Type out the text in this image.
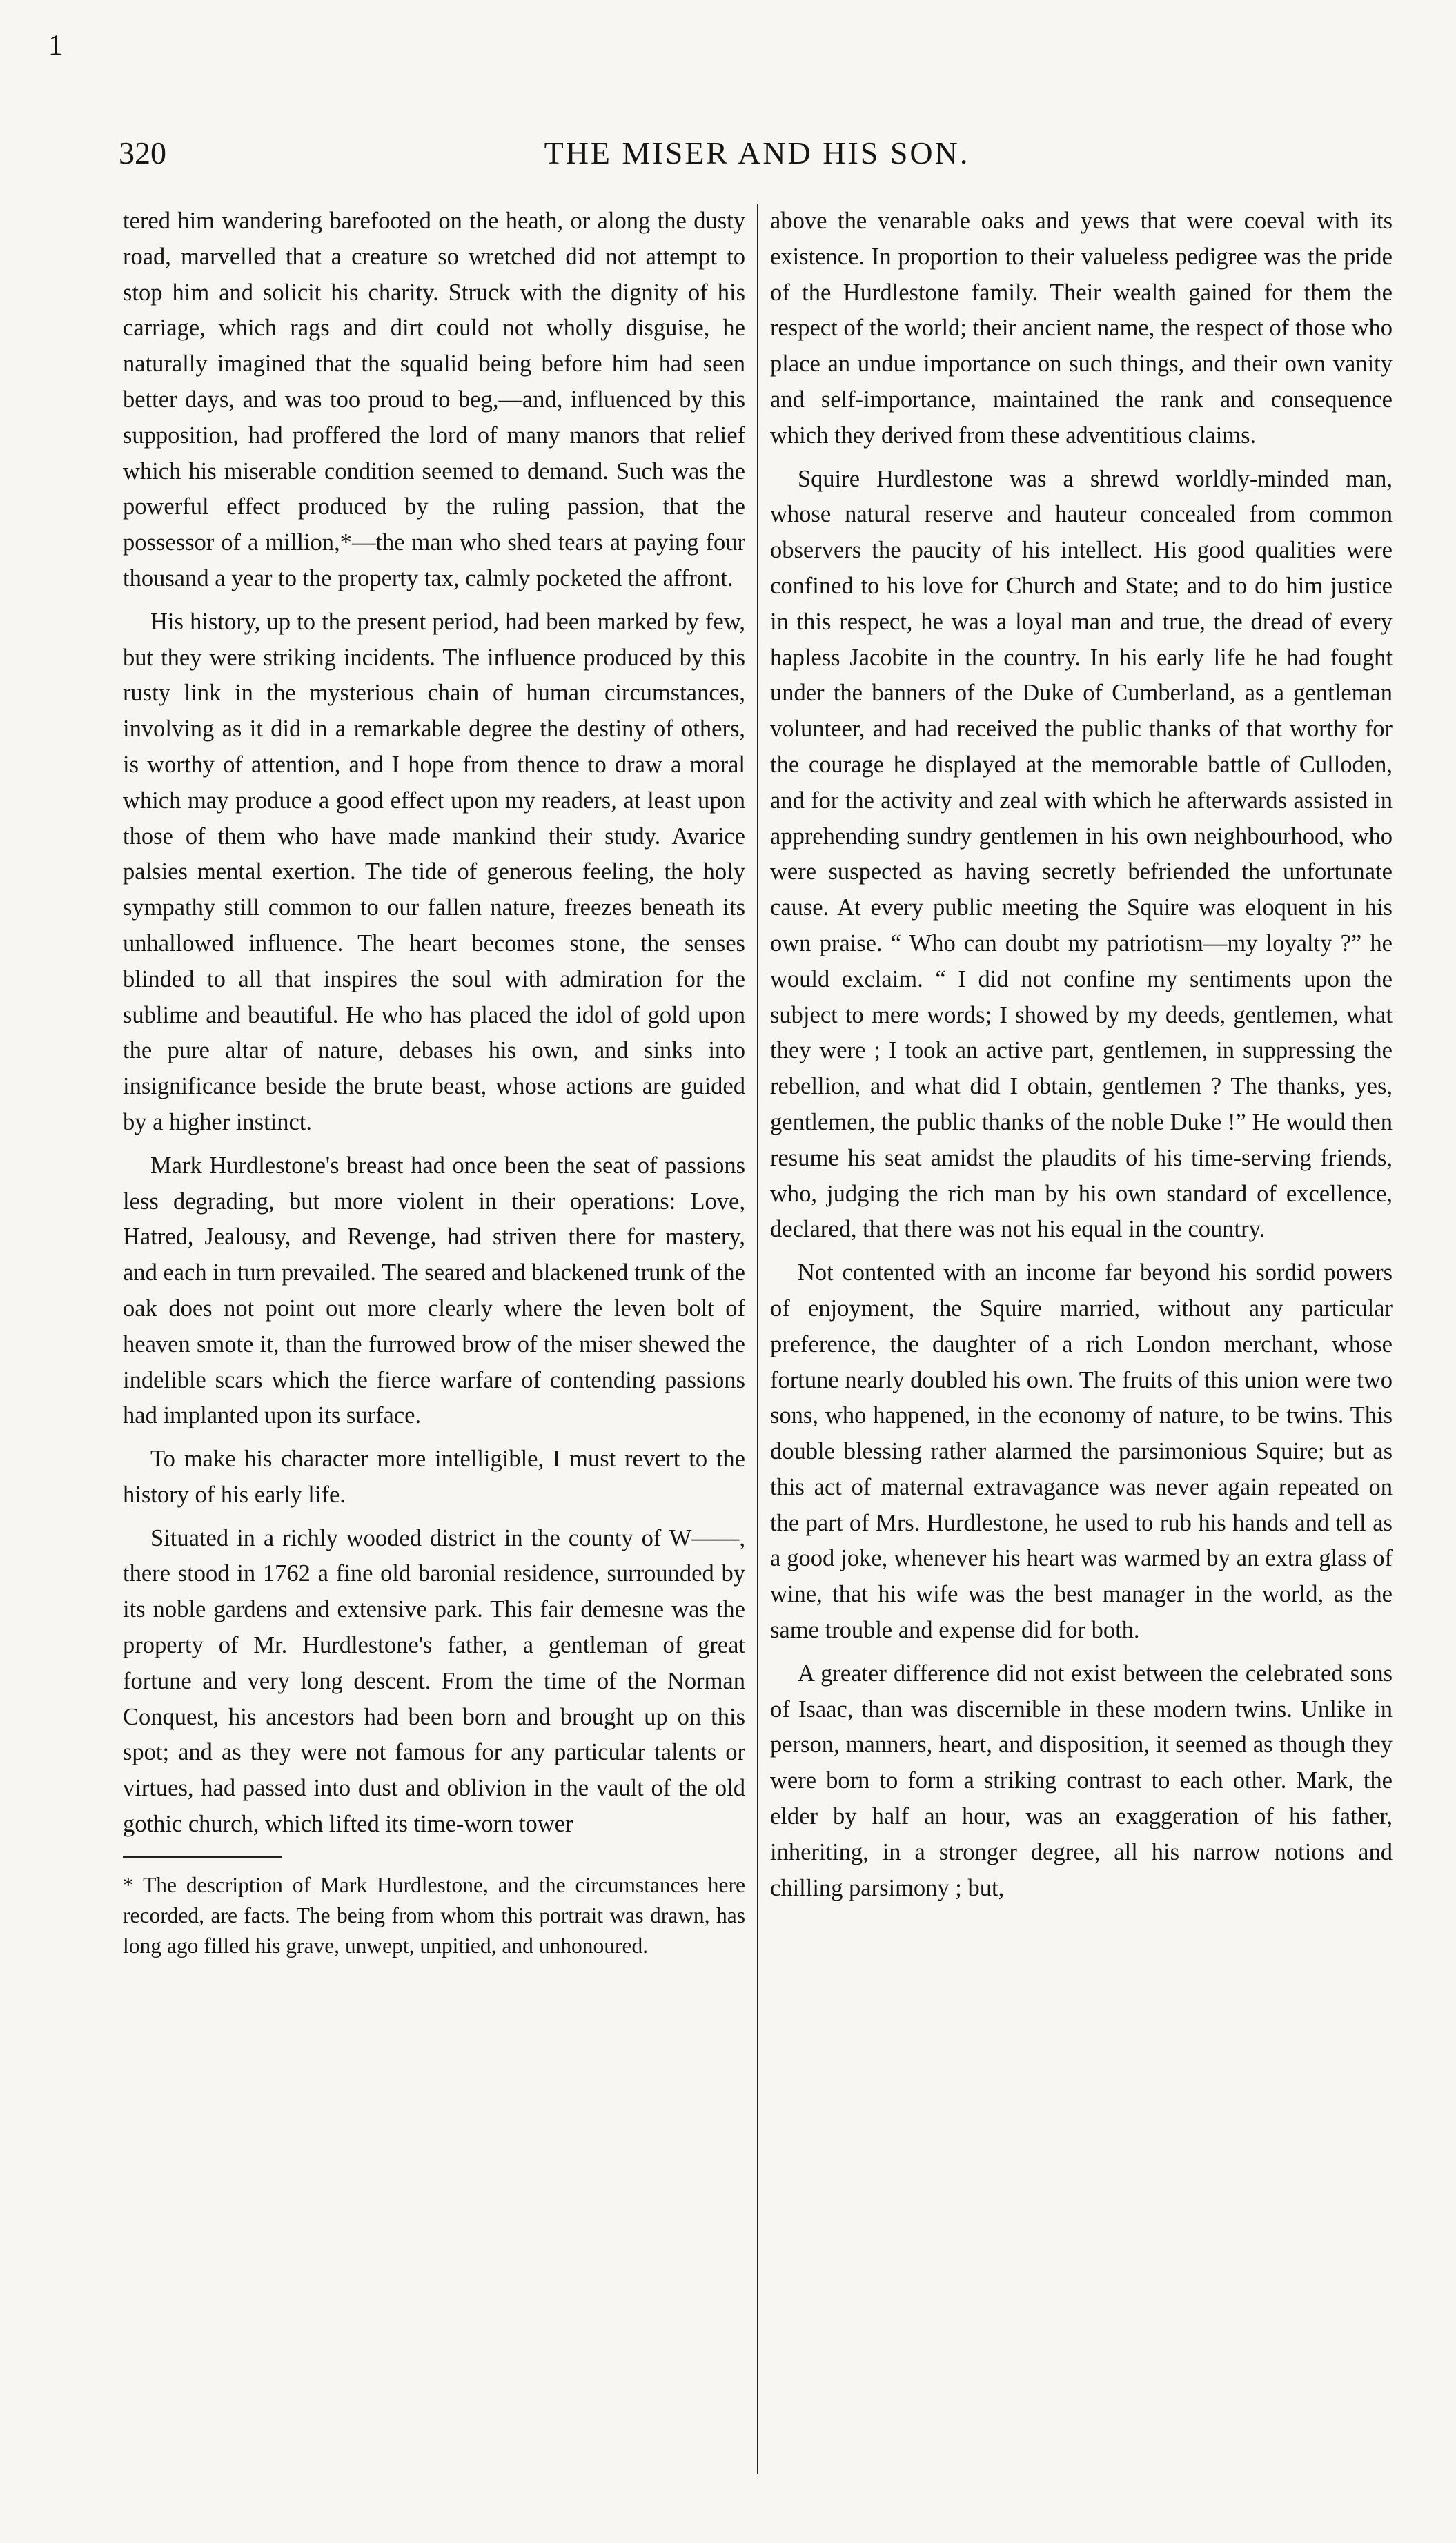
1
320	THE MISER AND HIS SON.

tered him wandering barefooted on the heath, or along the dusty road, marvelled that a creature so wretched did not attempt to stop him and solicit his charity. Struck with the dignity of his carriage, which rags and dirt could not wholly disguise, he naturally imagined that the squalid being before him had seen better days, and was too proud to beg,—and, influenced by this supposition, had proffered the lord of many manors that relief which his miserable condition seemed to demand. Such was the powerful effect produced by the ruling passion, that the possessor of a million,*—the man who shed tears at paying four thousand a year to the property tax, calmly pocketed the affront.

His history, up to the present period, had been marked by few, but they were striking incidents. The influence produced by this rusty link in the mysterious chain of human circumstances, involving as it did in a remarkable degree the destiny of others, is worthy of attention, and I hope from thence to draw a moral which may produce a good effect upon my readers, at least upon those of them who have made mankind their study. Avarice palsies mental exertion. The tide of generous feeling, the holy sympathy still common to our fallen nature, freezes beneath its unhallowed influence. The heart becomes stone, the senses blinded to all that inspires the soul with admiration for the sublime and beautiful. He who has placed the idol of gold upon the pure altar of nature, debases his own, and sinks into insignificance beside the brute beast, whose actions are guided by a higher instinct.

Mark Hurdlestone's breast had once been the seat of passions less degrading, but more violent in their operations: Love, Hatred, Jealousy, and Revenge, had striven there for mastery, and each in turn prevailed. The seared and blackened trunk of the oak does not point out more clearly where the leven bolt of heaven smote it, than the furrowed brow of the miser shewed the indelible scars which the fierce warfare of contending passions had implanted upon its surface.

To make his character more intelligible, I must revert to the history of his early life.

Situated in a richly wooded district in the county of W——, there stood in 1762 a fine old baronial residence, surrounded by its noble gardens and extensive park. This fair demesne was the property of Mr. Hurdlestone's father, a gentleman of great fortune and very long descent. From the time of the Norman Conquest, his ancestors had been born and brought up on this spot; and as they were not famous for any particular talents or virtues, had passed into dust and oblivion in the vault of the old gothic church, which lifted its time-worn tower

* The description of Mark Hurdlestone, and the circumstances here recorded, are facts. The being from whom this portrait was drawn, has long ago filled his grave, unwept, unpitied, and unhonoured.

above the venarable oaks and yews that were coeval with its existence. In proportion to their valueless pedigree was the pride of the Hurdlestone family. Their wealth gained for them the respect of the world; their ancient name, the respect of those who place an undue importance on such things, and their own vanity and self-importance, maintained the rank and consequence which they derived from these adventitious claims.

Squire Hurdlestone was a shrewd worldly-minded man, whose natural reserve and hauteur concealed from common observers the paucity of his intellect. His good qualities were confined to his love for Church and State; and to do him justice in this respect, he was a loyal man and true, the dread of every hapless Jacobite in the country. In his early life he had fought under the banners of the Duke of Cumberland, as a gentleman volunteer, and had received the public thanks of that worthy for the courage he displayed at the memorable battle of Culloden, and for the activity and zeal with which he afterwards assisted in apprehending sundry gentlemen in his own neighbourhood, who were suspected as having secretly befriended the unfortunate cause. At every public meeting the Squire was eloquent in his own praise. “ Who can doubt my patriotism—my loyalty ?” he would exclaim. “ I did not confine my sentiments upon the subject to mere words; I showed by my deeds, gentlemen, what they were ; I took an active part, gentlemen, in suppressing the rebellion, and what did I obtain, gentlemen ? The thanks, yes, gentlemen, the public thanks of the noble Duke !” He would then resume his seat amidst the plaudits of his time-serving friends, who, judging the rich man by his own standard of excellence, declared, that there was not his equal in the country.

Not contented with an income far beyond his sordid powers of enjoyment, the Squire married, without any particular preference, the daughter of a rich London merchant, whose fortune nearly doubled his own. The fruits of this union were two sons, who happened, in the economy of nature, to be twins. This double blessing rather alarmed the parsimonious Squire; but as this act of maternal extravagance was never again repeated on the part of Mrs. Hurdlestone, he used to rub his hands and tell as a good joke, whenever his heart was warmed by an extra glass of wine, that his wife was the best manager in the world, as the same trouble and expense did for both.

A greater difference did not exist between the celebrated sons of Isaac, than was discernible in these modern twins. Unlike in person, manners, heart, and disposition, it seemed as though they were born to form a striking contrast to each other. Mark, the elder by half an hour, was an exaggeration of his father, inheriting, in a stronger degree, all his narrow notions and chilling parsimony ; but,
